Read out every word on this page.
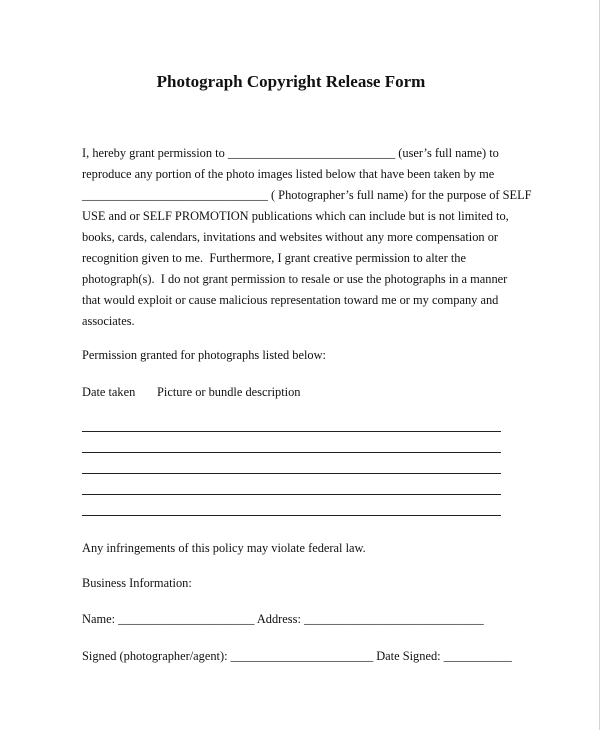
Photograph Copyright Release Form
I, hereby grant permission to ___________________________ (user’s full name) to
reproduce any portion of the photo images listed below that have been taken by me
______________________________ ( Photographer’s full name) for the purpose of SELF
USE and or SELF PROMOTION publications which can include but is not limited to,
books, cards, calendars, invitations and websites without any more compensation or
recognition given to me.  Furthermore, I grant creative permission to alter the
photograph(s).  I do not grant permission to resale or use the photographs in a manner
that would exploit or cause malicious representation toward me or my company and
associates.
Permission granted for photographs listed below:
Date taken       Picture or bundle description
Any infringements of this policy may violate federal law.
Business Information:
Name: ______________________ Address: _____________________________
Signed (photographer/agent): _______________________ Date Signed: ___________
